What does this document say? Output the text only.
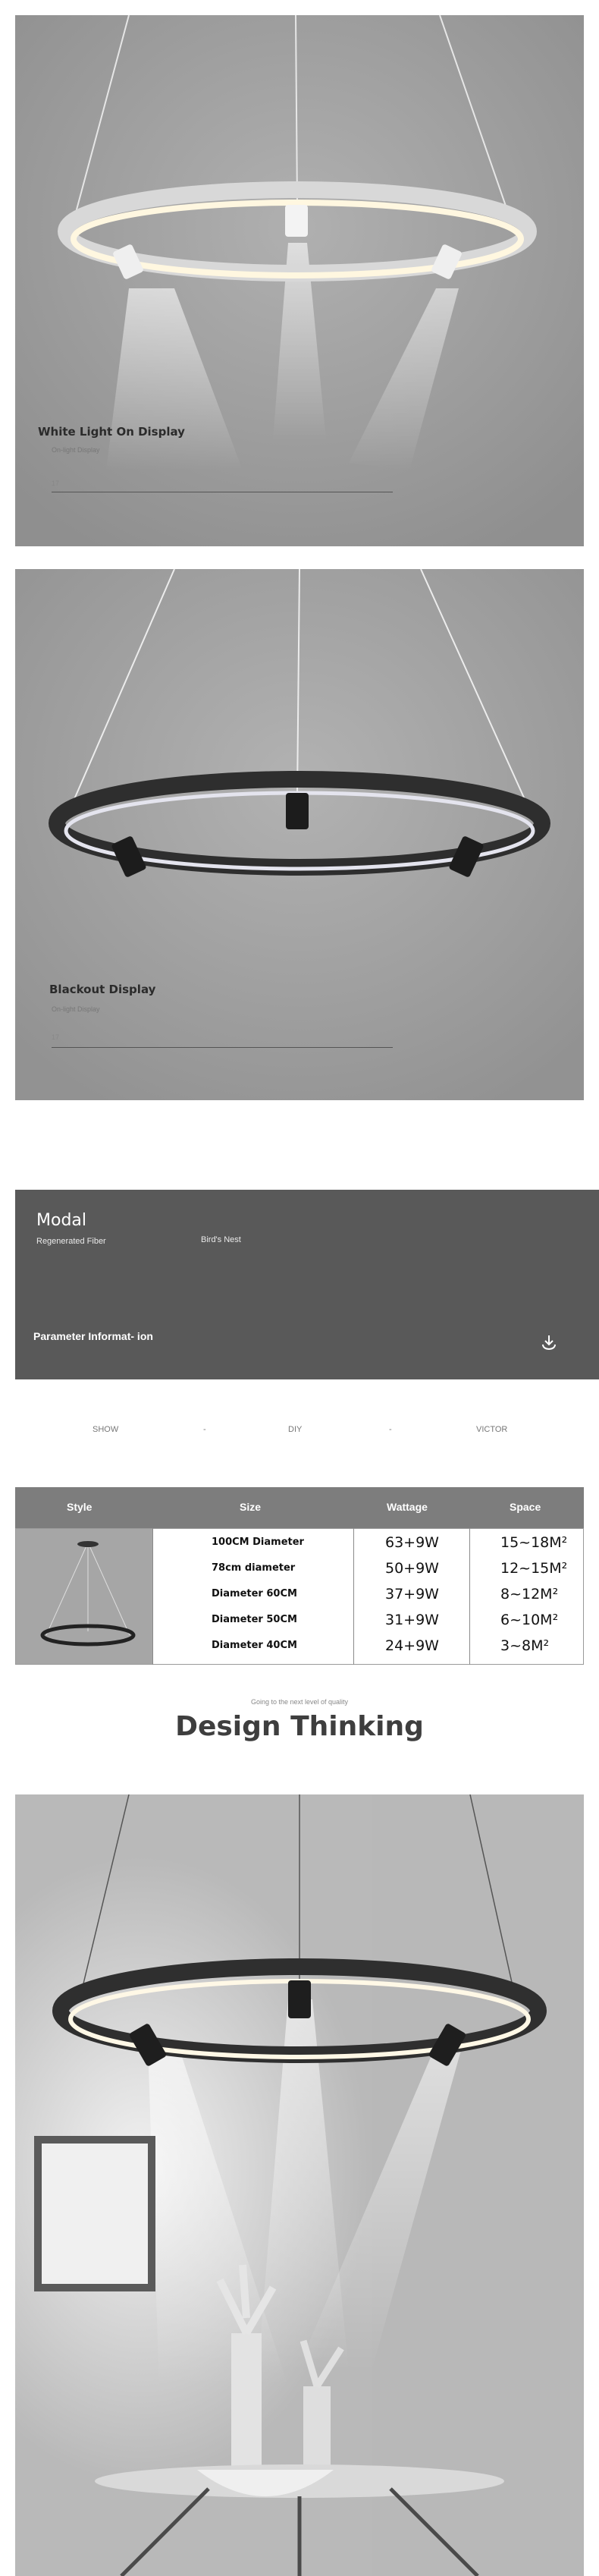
White Light On Display
On-light Display
17
Blackout Display
On-light Display
17
Modal
Regenerated Fiber	Bird's Nest
Parameter Informat- ion
SHOW	-	DIY	-	VICTOR
Style	Size	Wattage	Space
100CM Diameter	63+9W	15~18M²
78cm diameter	50+9W	12~15M²
Diameter 60CM	37+9W	8~12M²
Diameter 50CM	31+9W	6~10M²
Diameter 40CM	24+9W	3~8M²
Going to the next level of quality
Design Thinking
